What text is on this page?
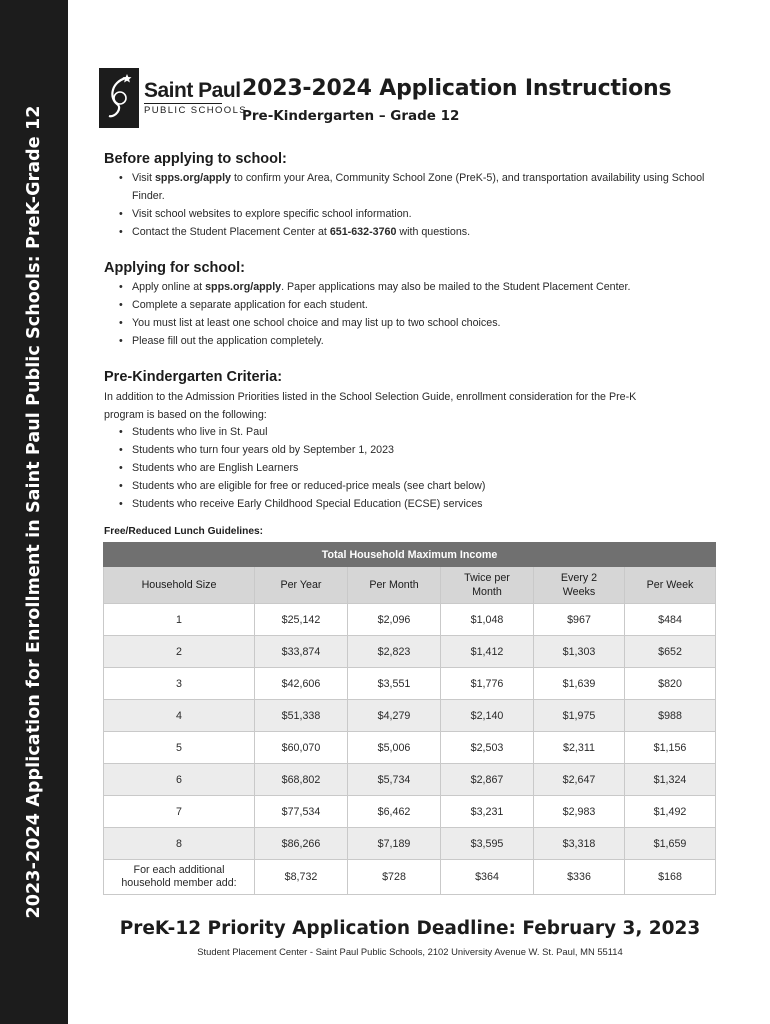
2023-2024 Application for Enrollment in Saint Paul Public Schools: PreK-Grade 12
Saint Paul
PUBLIC SCHOOLS
2023-2024 Application Instructions
Pre-Kindergarten – Grade 12
Before applying to school:
• Visit spps.org/apply to confirm your Area, Community School Zone (PreK-5), and transportation availability using School Finder.
• Visit school websites to explore specific school information.
• Contact the Student Placement Center at 651-632-3760 with questions.
Applying for school:
• Apply online at spps.org/apply. Paper applications may also be mailed to the Student Placement Center.
• Complete a separate application for each student.
• You must list at least one school choice and may list up to two school choices.
• Please fill out the application completely.
Pre-Kindergarten Criteria:
In addition to the Admission Priorities listed in the School Selection Guide, enrollment consideration for the Pre-K program is based on the following:
• Students who live in St. Paul
• Students who turn four years old by September 1, 2023
• Students who are English Learners
• Students who are eligible for free or reduced-price meals (see chart below)
• Students who receive Early Childhood Special Education (ECSE) services
Free/Reduced Lunch Guidelines:
Total Household Maximum Income					
Household Size	Per Year	Per Month	Twice per Month	Every 2 Weeks	Per Week
1	$25,142	$2,096	$1,048	$967	$484
2	$33,874	$2,823	$1,412	$1,303	$652
3	$42,606	$3,551	$1,776	$1,639	$820
4	$51,338	$4,279	$2,140	$1,975	$988
5	$60,070	$5,006	$2,503	$2,311	$1,156
6	$68,802	$5,734	$2,867	$2,647	$1,324
7	$77,534	$6,462	$3,231	$2,983	$1,492
8	$86,266	$7,189	$3,595	$3,318	$1,659
For each additional household member add:	$8,732	$728	$364	$336	$168
PreK-12 Priority Application Deadline: February 3, 2023
Student Placement Center - Saint Paul Public Schools, 2102 University Avenue W. St. Paul, MN 55114
